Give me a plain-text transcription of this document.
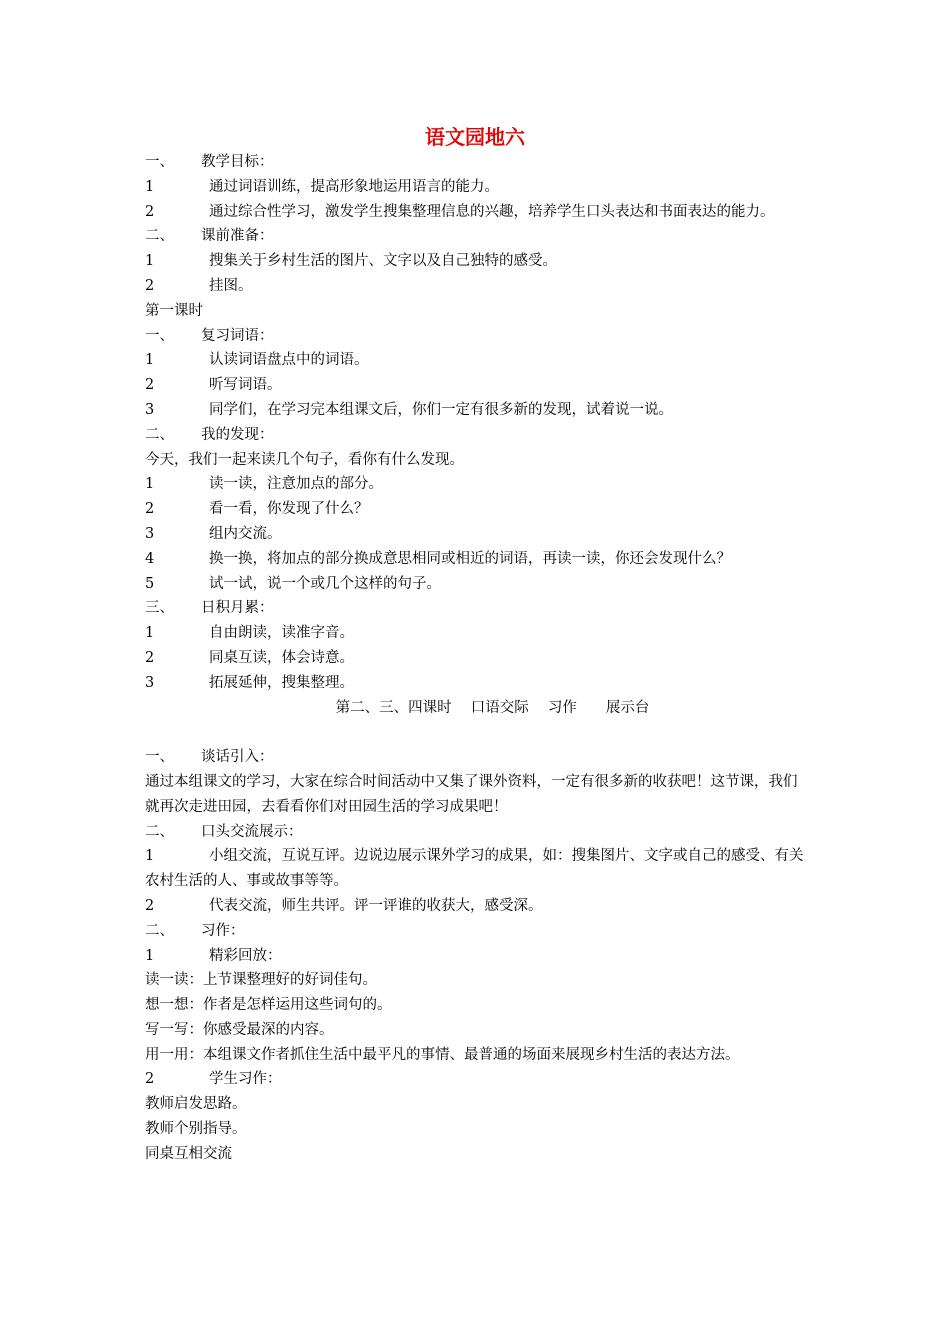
语文园地六
一、 教学目标：
1	通过词语训练，提高形象地运用语言的能力。
2	通过综合性学习，激发学生搜集整理信息的兴趣，培养学生口头表达和书面表达的能力。
二、 课前准备：
1	搜集关于乡村生活的图片、文字以及自己独特的感受。
2	挂图。
第一课时
一、 复习词语：
1	认读词语盘点中的词语。
2	听写词语。
3	同学们，在学习完本组课文后，你们一定有很多新的发现，试着说一说。
二、 我的发现：
今天，我们一起来读几个句子，看你有什么发现。
1	读一读，注意加点的部分。
2	看一看，你发现了什么？
3	组内交流。
4	换一换，将加点的部分换成意思相同或相近的词语，再读一读，你还会发现什么？
5	试一试，说一个或几个这样的句子。
三、 日积月累：
1	自由朗读，读准字音。
2	同桌互读，体会诗意。
3	拓展延伸，搜集整理。
第二、三、四课时　 口语交际　 习作　　展示台
一、 谈话引入：
通过本组课文的学习，大家在综合时间活动中又集了课外资料，一定有很多新的收获吧！这节课，我们就再次走进田园，去看看你们对田园生活的学习成果吧！
二、 口头交流展示：
1	小组交流，互说互评。边说边展示课外学习的成果，如：搜集图片、文字或自己的感受、有关农村生活的人、事或故事等等。
2	代表交流，师生共评。评一评谁的收获大，感受深。
二、 习作：
1	精彩回放：
读一读：上节课整理好的好词佳句。
想一想：作者是怎样运用这些词句的。
写一写：你感受最深的内容。
用一用：本组课文作者抓住生活中最平凡的事情、最普通的场面来展现乡村生活的表达方法。
2	学生习作：
教师启发思路。
教师个别指导。
同桌互相交流
